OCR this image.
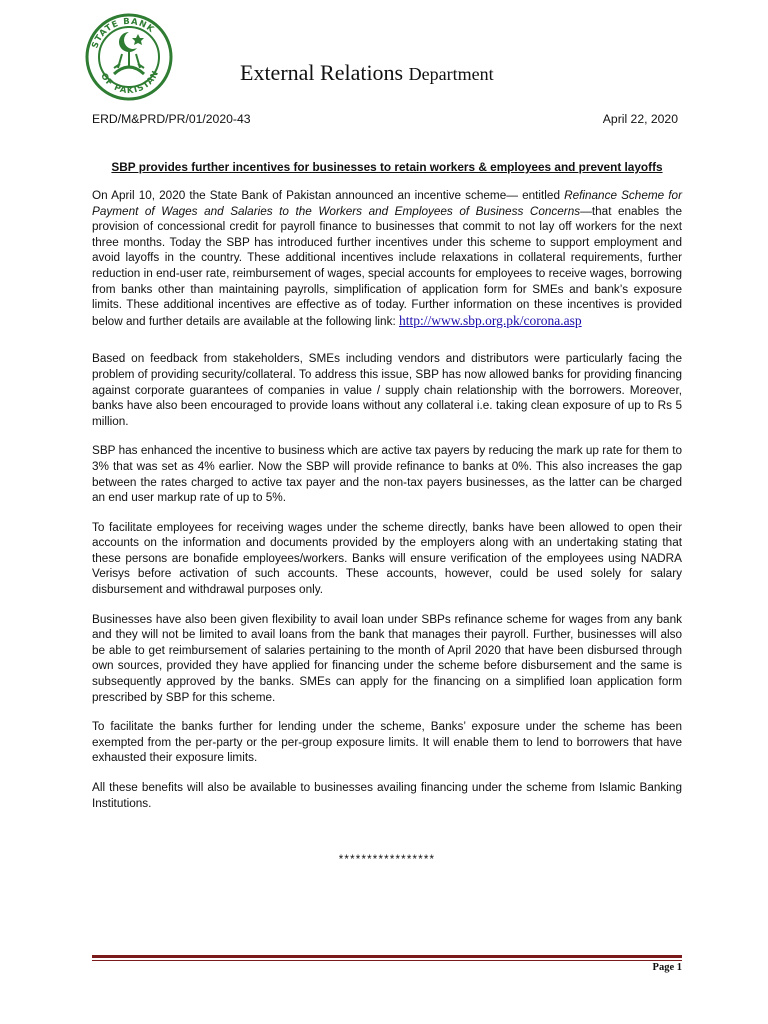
STATE BANK
OF PAKISTAN	External Relations Department
ERD/M&PRD/PR/01/2020-43	April 22, 2020
SBP provides further incentives for businesses to retain workers & employees and prevent layoffs

On April 10, 2020 the State Bank of Pakistan announced an incentive scheme— entitled Refinance Scheme for Payment of Wages and Salaries to the Workers and Employees of Business Concerns—that enables the provision of concessional credit for payroll finance to businesses that commit to not lay off workers for the next three months. Today the SBP has introduced further incentives under this scheme to support employment and avoid layoffs in the country. These additional incentives include relaxations in collateral requirements, further reduction in end-user rate, reimbursement of wages, special accounts for employees to receive wages, borrowing from banks other than maintaining payrolls, simplification of application form for SMEs and bank’s exposure limits. These additional incentives are effective as of today. Further information on these incentives is provided below and further details are available at the following link: http://www.sbp.org.pk/corona.asp

Based on feedback from stakeholders, SMEs including vendors and distributors were particularly facing the problem of providing security/collateral. To address this issue, SBP has now allowed banks for providing financing against corporate guarantees of companies in value / supply chain relationship with the borrowers. Moreover, banks have also been encouraged to provide loans without any collateral i.e. taking clean exposure of up to Rs 5 million.

SBP has enhanced the incentive to business which are active tax payers by reducing the mark up rate for them to 3% that was set as 4% earlier. Now the SBP will provide refinance to banks at 0%. This also increases the gap between the rates charged to active tax payer and the non-tax payers businesses, as the latter can be charged an end user markup rate of up to 5%.

To facilitate employees for receiving wages under the scheme directly, banks have been allowed to open their accounts on the information and documents provided by the employers along with an undertaking stating that these persons are bonafide employees/workers. Banks will ensure verification of the employees using NADRA Verisys before activation of such accounts. These accounts, however, could be used solely for salary disbursement and withdrawal purposes only.

Businesses have also been given flexibility to avail loan under SBPs refinance scheme for wages from any bank and they will not be limited to avail loans from the bank that manages their payroll. Further, businesses will also be able to get reimbursement of salaries pertaining to the month of April 2020 that have been disbursed through own sources, provided they have applied for financing under the scheme before disbursement and the same is subsequently approved by the banks. SMEs can apply for the financing on a simplified loan application form prescribed by SBP for this scheme.

To facilitate the banks further for lending under the scheme, Banks’ exposure under the scheme has been exempted from the per-party or the per-group exposure limits. It will enable them to lend to borrowers that have exhausted their exposure limits.

All these benefits will also be available to businesses availing financing under the scheme from Islamic Banking Institutions.

*****************
Page 1
